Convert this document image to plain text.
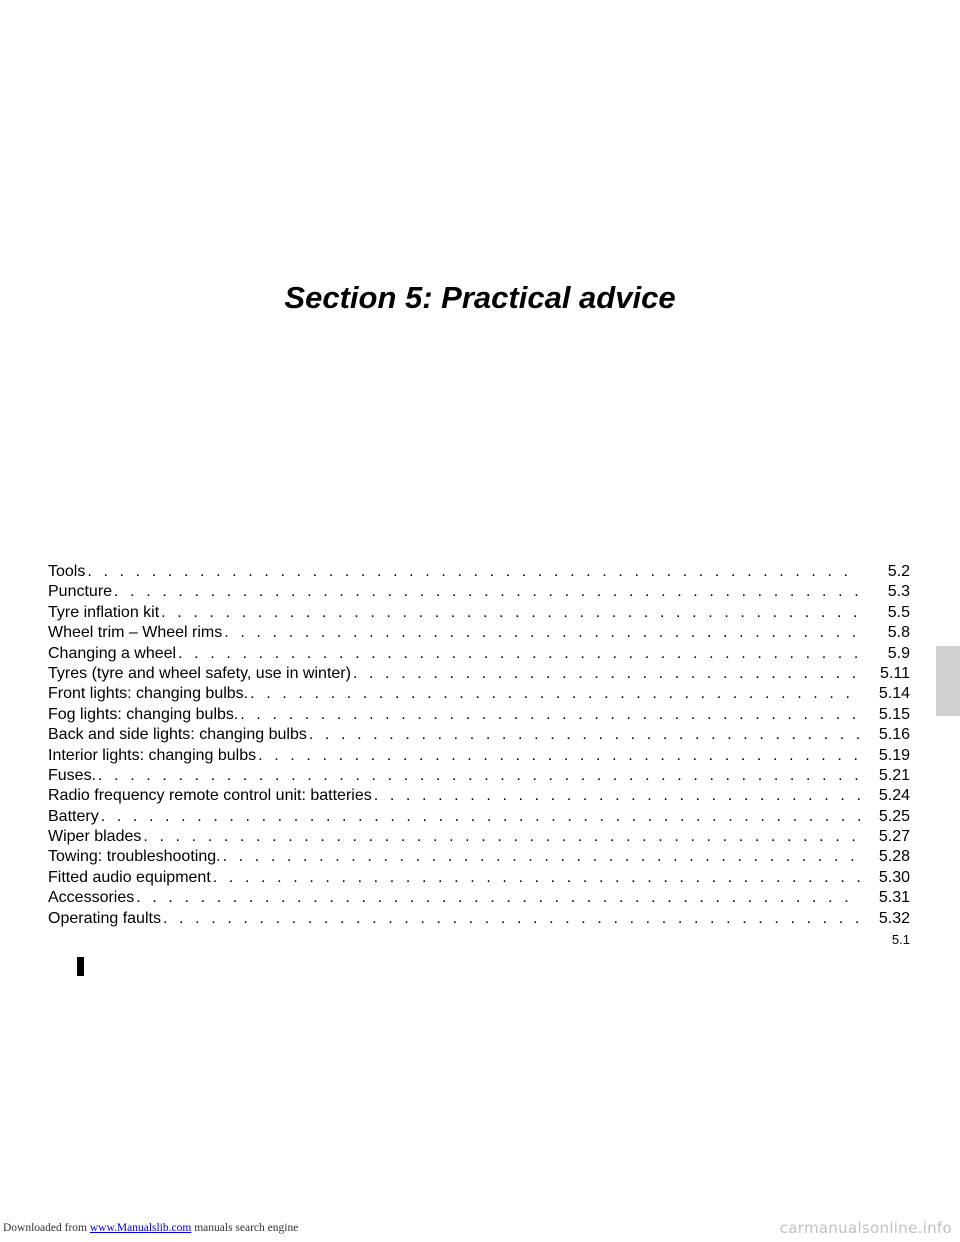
Downloaded from www.Manualslib.com manuals search engine
Section 5: Practical advice
Tools . . .	5.2
Puncture . . .	5.3
Tyre inflation kit . . .	5.5
Wheel trim – Wheel rims . . .	5.8
Changing a wheel . . .	5.9
Tyres (tyre and wheel safety, use in winter) . . .	5.11
Front lights: changing bulbs. . . .	5.14
Fog lights: changing bulbs. . . .	5.15
Back and side lights: changing bulbs . . .	5.16
Interior lights: changing bulbs . . .	5.19
Fuses. . . .	5.21
Radio frequency remote control unit: batteries . . .	5.24
Battery . . .	5.25
Wiper blades . . .	5.27
Towing: troubleshooting. . . .	5.28
Fitted audio equipment . . .	5.30
Accessories . . .	5.31
Operating faults . . .	5.32
5.1
carmanualsonline.info
